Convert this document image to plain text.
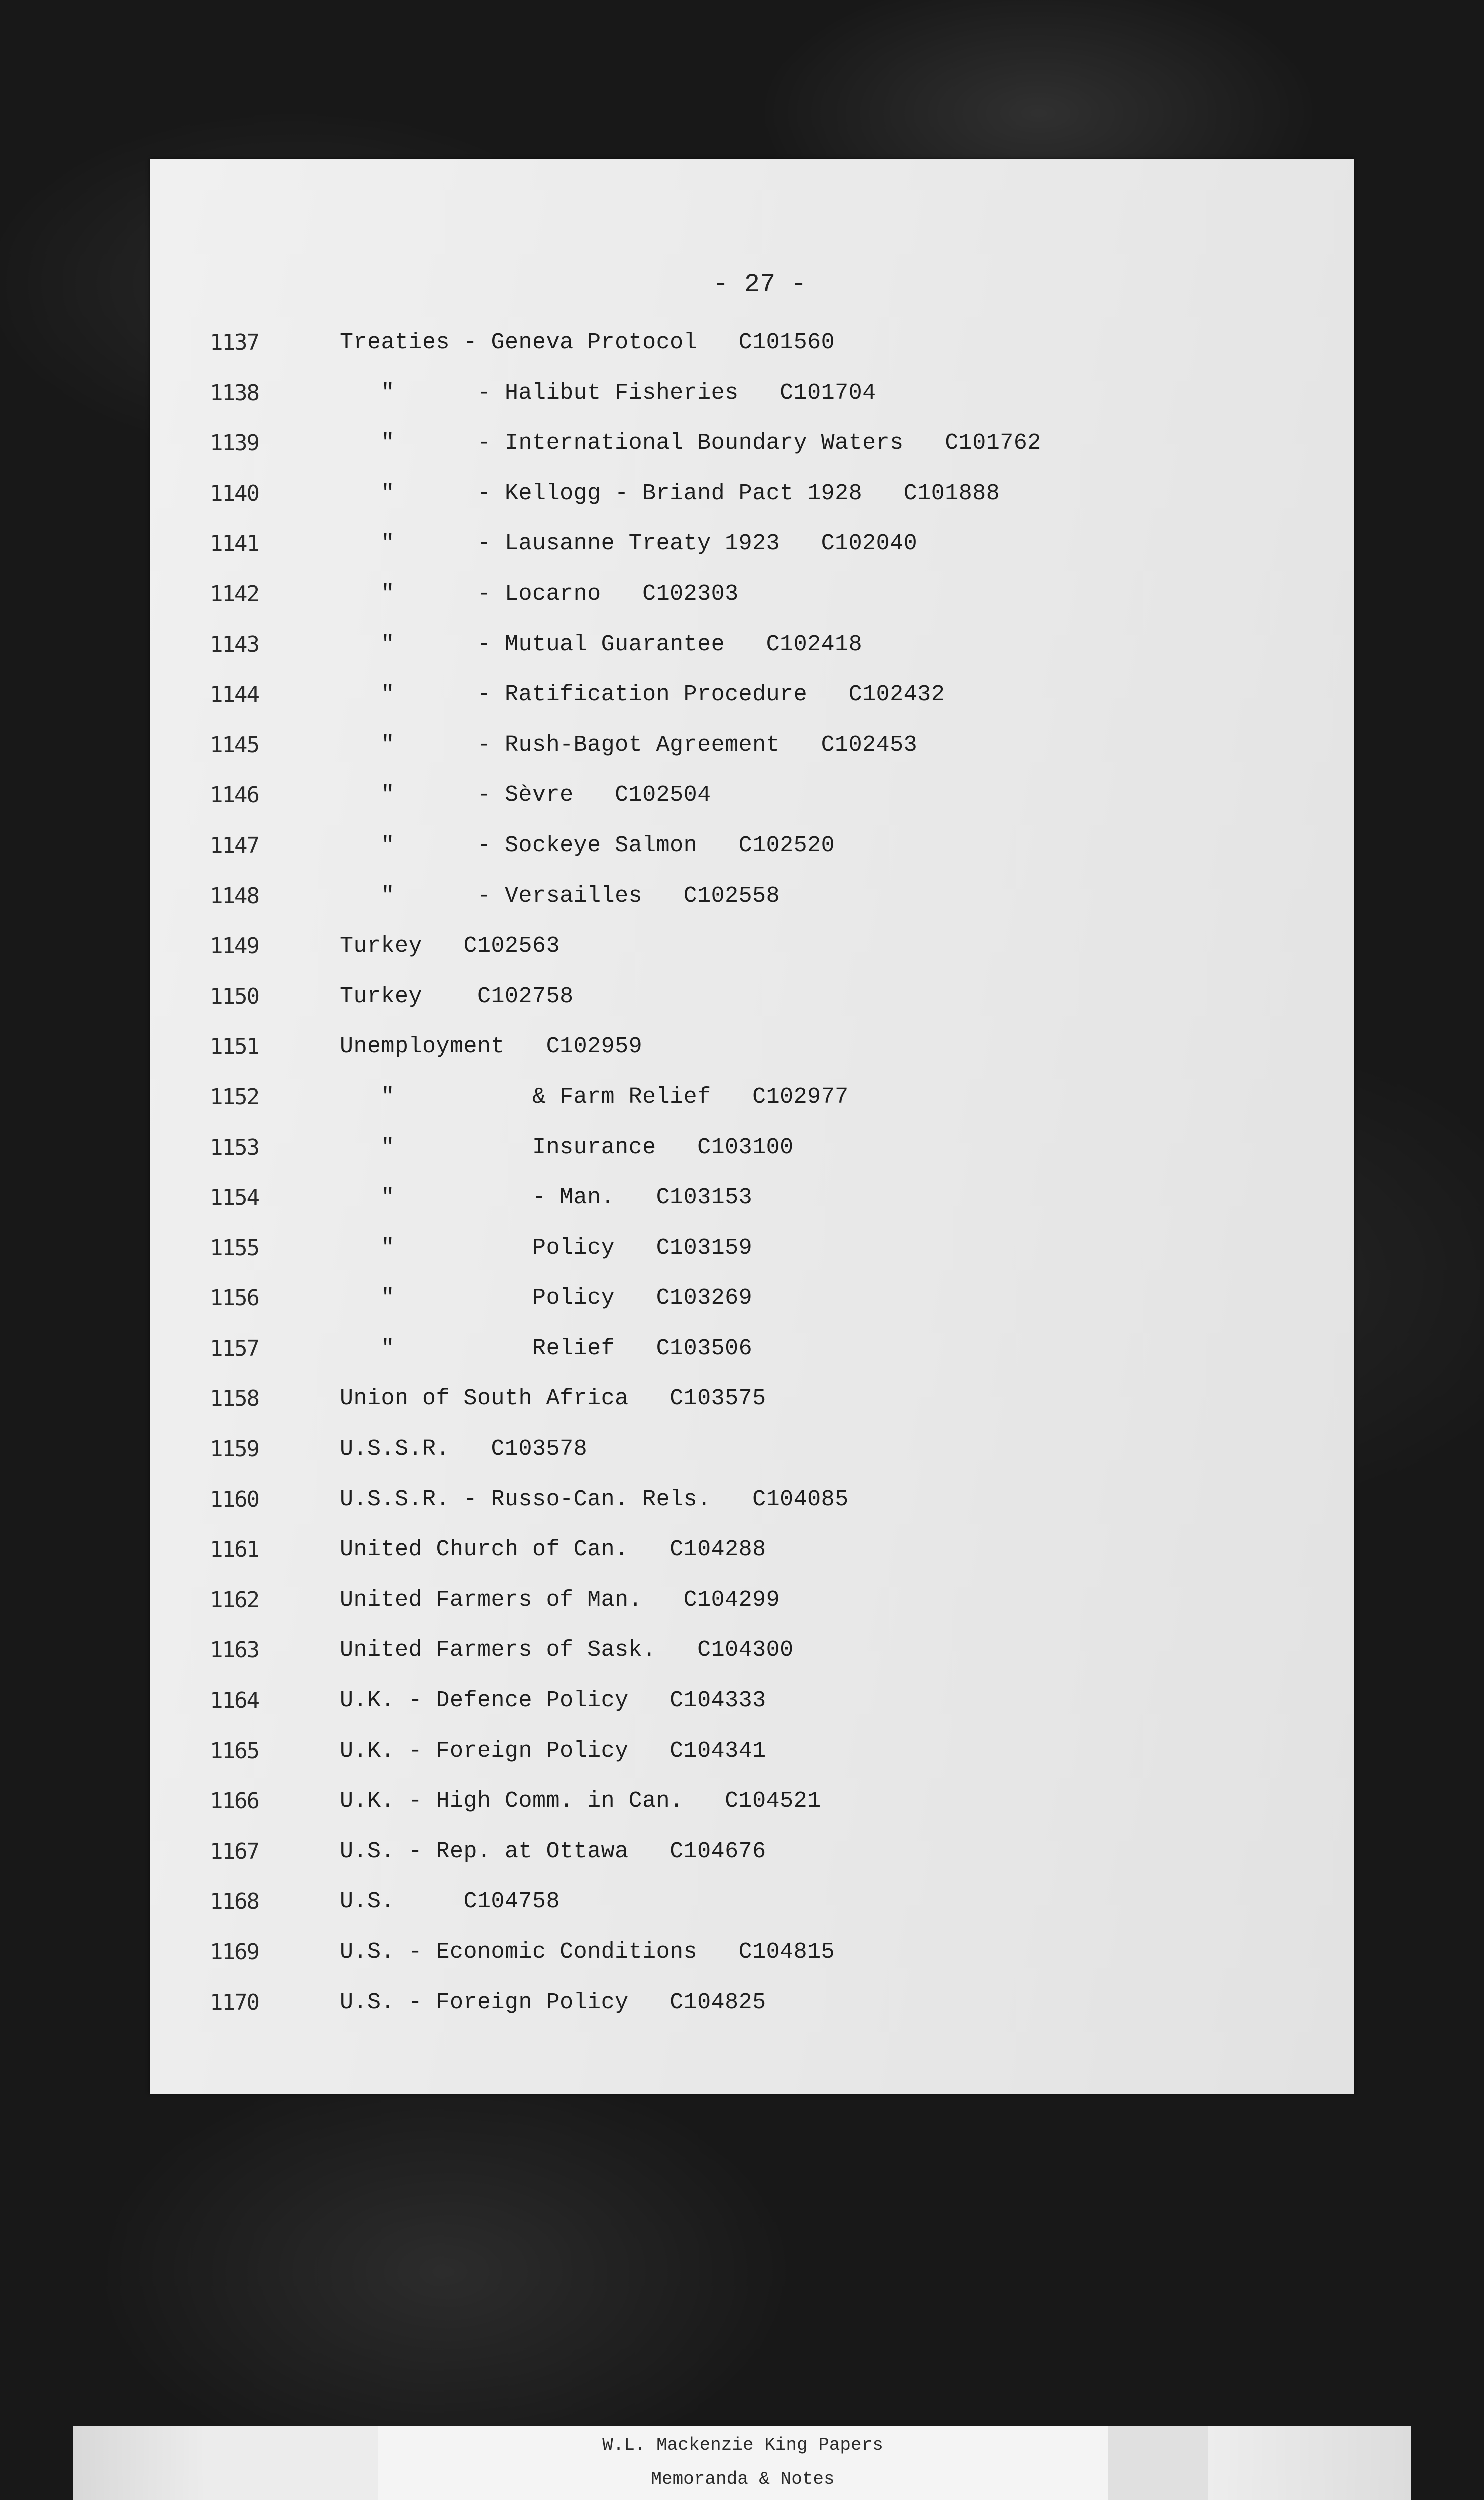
- 27 -
1137	Treaties - Geneva Protocol   C101560
1138	"      - Halibut Fisheries   C101704
1139	"      - International Boundary Waters   C101762
1140	"      - Kellogg - Briand Pact 1928   C101888
1141	"      - Lausanne Treaty 1923   C102040
1142	"      - Locarno   C102303
1143	"      - Mutual Guarantee   C102418
1144	"      - Ratification Procedure   C102432
1145	"      - Rush-Bagot Agreement   C102453
1146	"      - Sèvre   C102504
1147	"      - Sockeye Salmon   C102520
1148	"      - Versailles   C102558
1149	Turkey   C102563
1150	Turkey    C102758
1151	Unemployment   C102959
1152	"          & Farm Relief   C102977
1153	"          Insurance   C103100
1154	"          - Man.   C103153
1155	"          Policy   C103159
1156	"          Policy   C103269
1157	"          Relief   C103506
1158	Union of South Africa   C103575
1159	U.S.S.R.   C103578
1160	U.S.S.R. - Russo-Can. Rels.   C104085
1161	United Church of Can.   C104288
1162	United Farmers of Man.   C104299
1163	United Farmers of Sask.   C104300
1164	U.K. - Defence Policy   C104333
1165	U.K. - Foreign Policy   C104341
1166	U.K. - High Comm. in Can.   C104521
1167	U.S. - Rep. at Ottawa   C104676
1168	U.S.     C104758
1169	U.S. - Economic Conditions   C104815
1170	U.S. - Foreign Policy   C104825
W.L. Mackenzie King Papers
Memoranda & Notes
